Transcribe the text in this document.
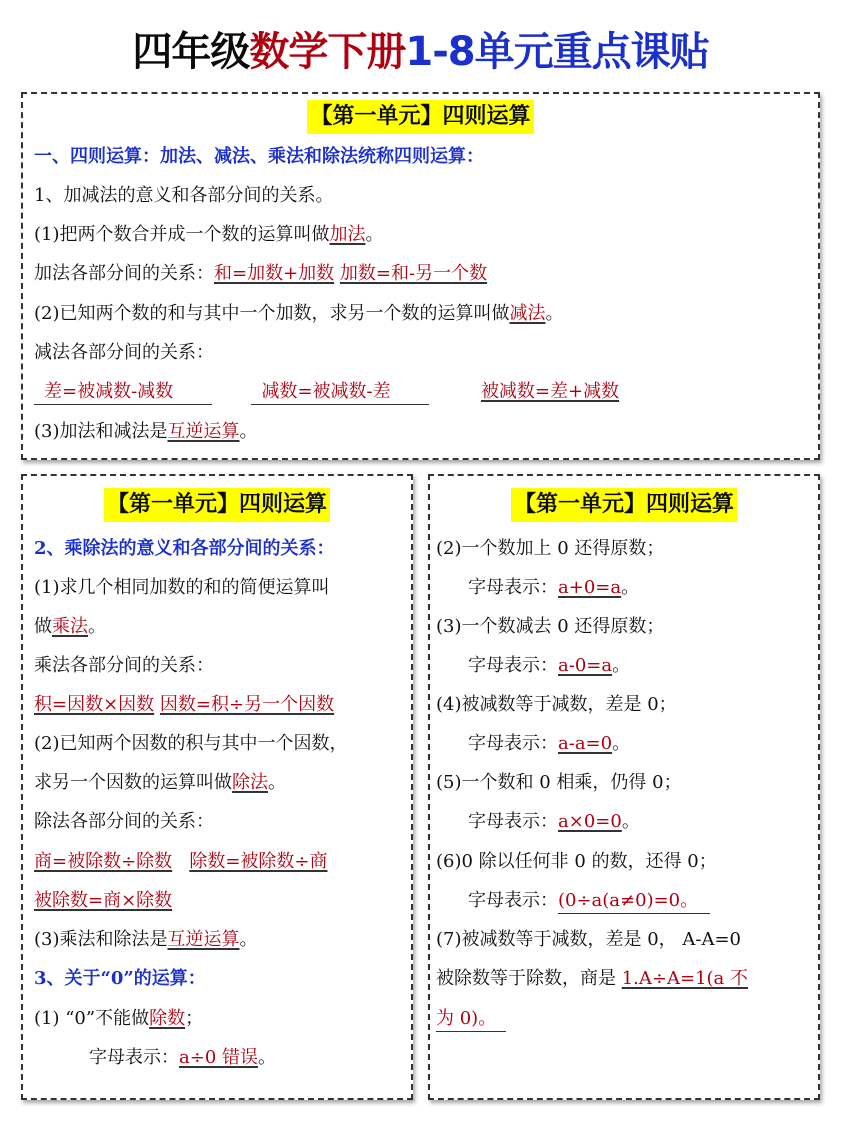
四年级数学下册1-8单元重点课贴
【第一单元】四则运算
一、四则运算：加法、减法、乘法和除法统称四则运算：
1、加减法的意义和各部分间的关系。
(1)把两个数合并成一个数的运算叫做加法。
加法各部分间的关系：和=加数+加数 加数=和-另一个数
(2)已知两个数的和与其中一个加数，求另一个数的运算叫做减法。
减法各部分间的关系：
差=被减数-减数	减数=被减数-差	被减数=差+减数
(3)加法和减法是互逆运算。
【第一单元】四则运算
2、乘除法的意义和各部分间的关系：
(1)求几个相同加数的和的简便运算叫
做乘法。
乘法各部分间的关系：
积=因数×因数 因数=积÷另一个因数
(2)已知两个因数的积与其中一个因数，
求另一个因数的运算叫做除法。
除法各部分间的关系：
商=被除数÷除数 除数=被除数÷商
被除数=商×除数
(3)乘法和除法是互逆运算。
3、关于“0”的运算：
(1) “0”不能做除数；
字母表示：a÷0 错误。
【第一单元】四则运算
(2)一个数加上 0 还得原数；
字母表示：a+0=a。
(3)一个数减去 0 还得原数；
字母表示：a-0=a。
(4)被减数等于减数，差是 0；
字母表示：a-a=0。
(5)一个数和 0 相乘，仍得 0；
字母表示：a×0=0。
(6)0 除以任何非 0 的数，还得 0；
字母表示：(0÷a(a≠0)=0。
(7)被减数等于减数，差是 0， A-A=0
被除数等于除数，商是 1.A÷A=1(a 不
为 0)。
